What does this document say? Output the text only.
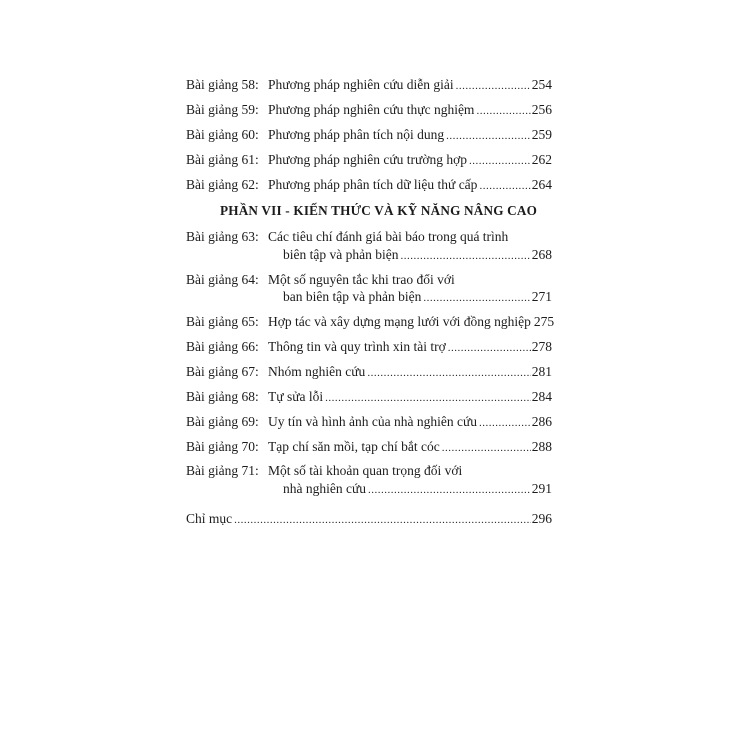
Bài giảng 58: Phương pháp nghiên cứu diễn giải .....	254
Bài giảng 59: Phương pháp nghiên cứu thực nghiệm .....	256
Bài giảng 60: Phương pháp phân tích nội dung .....	259
Bài giảng 61: Phương pháp nghiên cứu trường hợp .....	262
Bài giảng 62: Phương pháp phân tích dữ liệu thứ cấp .....	264
PHẦN VII - KIẾN THỨC VÀ KỸ NĂNG NÂNG CAO
Bài giảng 63: Các tiêu chí đánh giá bài báo trong quá trình
biên tập và phản biện .....	268
Bài giảng 64: Một số nguyên tắc khi trao đổi với
ban biên tập và phản biện .....	271
Bài giảng 65: Hợp tác và xây dựng mạng lưới với đồng nghiệp ..... 275
Bài giảng 66: Thông tin và quy trình xin tài trợ .....	278
Bài giảng 67: Nhóm nghiên cứu .....	281
Bài giảng 68: Tự sửa lỗi .....	284
Bài giảng 69: Uy tín và hình ảnh của nhà nghiên cứu .....	286
Bài giảng 70: Tạp chí săn mồi, tạp chí bắt cóc .....	288
Bài giảng 71: Một số tài khoản quan trọng đối với
nhà nghiên cứu .....	291
Chỉ mục .....	296
